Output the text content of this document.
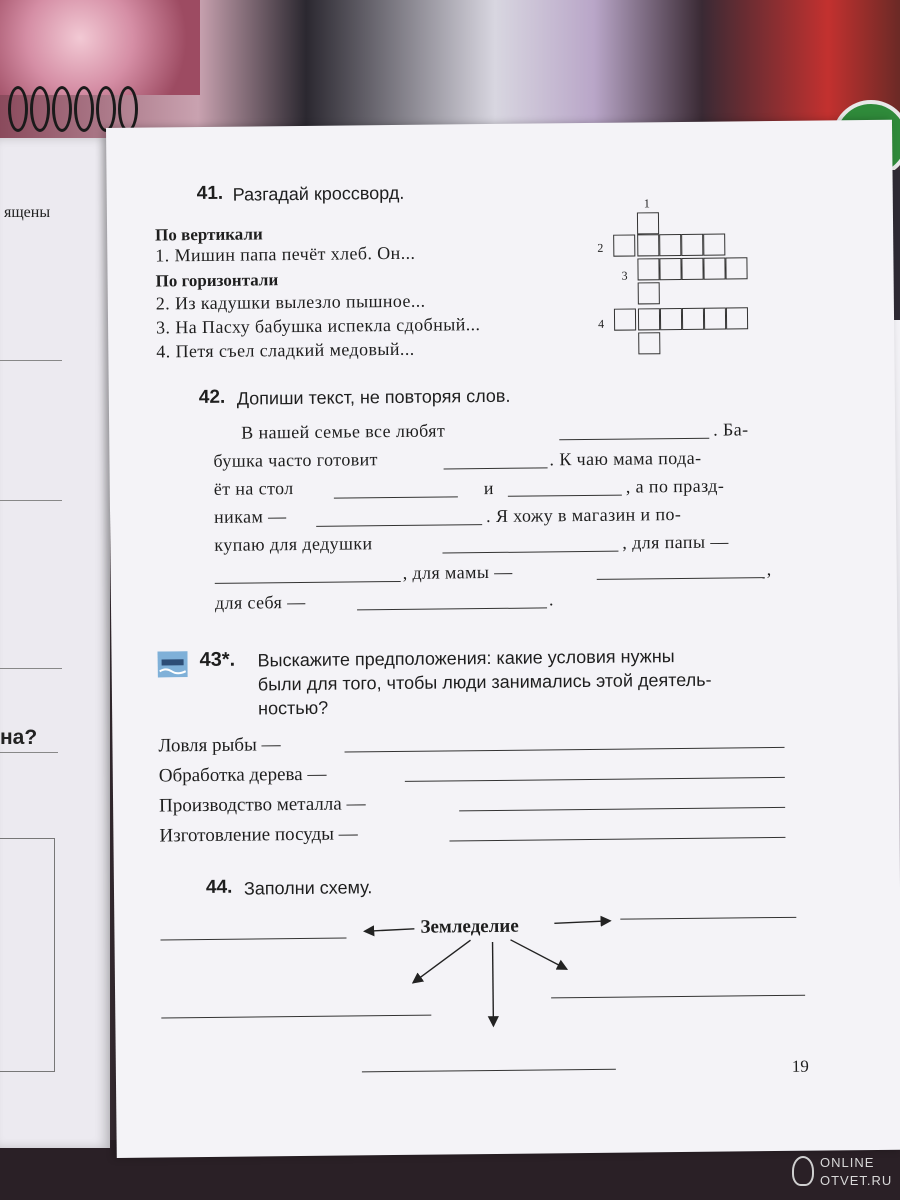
ящены
на?
41. Разгадай кроссворд.
По вертикали
1. Мишин папа печёт хлеб. Он...
По горизонтали
2. Из кадушки вылезло пышное...
3. На Пасху бабушка испекла сдобный...
4. Петя съел сладкий медовый...
1
2
3
4
42. Допиши текст, не повторяя слов.
В нашей семье все любят	. Ба-
бушка часто готовит	. К чаю мама пода-
ёт на стол	и	, а по празд-
никам —	. Я хожу в магазин и по-
купаю для дедушки	, для папы —
, для мамы —	,
для себя —	.
43*. Выскажите предположения: какие условия нужны
были для того, чтобы люди занимались этой деятель-
ностью?
Ловля рыбы —
Обработка дерева —
Производство металла —
Изготовление посуды —
44. Заполни схему.
Земледелие
19
ONLINE
OTVET.RU
